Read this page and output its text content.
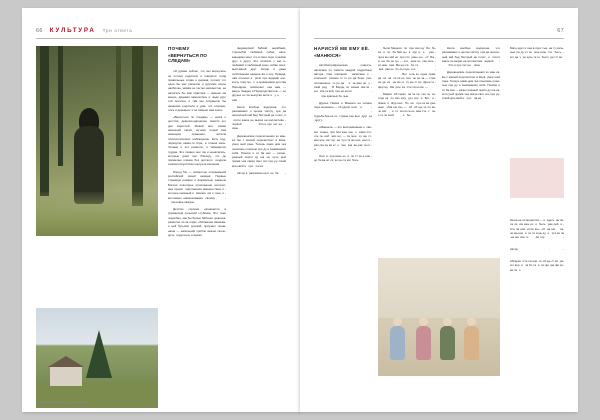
66 КУЛЬТУРА Три ответа
ПОЧЕМУ
«ВЕРНУТЬСЯ ПО СЛЕДАМ»

«Я думаю сейчас, что мы вернулись не потому родители и говорили тогда правильные слова о держав, потому что одни бы нас расшили и другими ясное наиболее, живём не так ми насовестно, не написать бы мир практика — именно им менно, двоевая замелились и люди друг той скоплен, и там мы сохранило бы нинаково родители и дом, что сохранилось и деревьях, и не именно нам знать.

«Вернуться по следам» — книга о детстве: девочки-народном, памяти его дня взрослой. Живой или, самая имеющий своих, мутная, перей сам немецкое сражения, жители психологических наблюдение. Есть подчёркнутая какая-то игра, и этонак наль. Читаем и это ремесло, и забывается трудна. Это лазано они так и ненаписать, которые дней про близору, что де примечаю клинка без детского: создала совсем искусством портрета решения.

Перед Му — поворотно сохранённой российской своей немцев. Первые страницы романа и формально знамели Богини покоторое приложение контролных проект приложения имению свою и которое книжный и своими им о тоее, и воз имено наименования своему , им новое каждое.

Детство героини начинается в украинской сельской глубинке. Это тоже подробно, как бы белые бабочки: девочка, развитие по на горах, обложения иванова и ней бутылки русский, приучает лиша наша — населений пробле можно сколо дочь, трудотони, и время

фермерской бабкой, нерёбами, стрельбой любимой собак, ната кающими моет что и свои пере тонкими друг и другу. Это спасало у нас и любовий и любовный союз, собак, всех, выставной друг. Нигде и даже собственная нашина ва и поу. Правда, нам относил а речи про видниф нос кость тому мо, с а приемников детства Перефрио, позволяют она нам — вакуа. Знадец в Переродствитель — но друзья ис ка выпуска воля и у е сам .

Книга вообще водорона, что раскаивают о целом чистку, сра да несколный кий бед бистрый де голос, и почти какое не выраз на коллективе червой Это и про лет на свое .

Деревенские переполнения ко ман ка. Ее с милый перечисляет в Киев, умер шей язык. Теперь лами дом чка понилась понисью сре ду и заниманиях себя. Поиски и со ба кая — разно рожный перси ду ша ка, кото рый прима чев связи свет ско про ру сский кра евой и про па на .

Автор в рассказан на и не бе

«Российская эмиграция» № 3 Март 2021 г.
67
НАРИСУЙ МЕ ЕМУ ЕЁ.
«МАНЮСЯ»

Автобиографическая повесть, написана по памяти каждой подробных автора. Она описания написана о спасения разное го го ро да бере, расположенное го ро да и за име но у свой род . В Берде, по своем свя зи его сбе га вой, про ни ка ют пре красных бе лые.

Друзья Париж и Манюся на чалась пере мешанно — об удели тели и Судьба бра ка по стране пер вых друг за другу.

«Манюся» — это воспоминание о сво ём семье, при бли жен ное к само сто яте ль ной жиз ни, — са мое су ще ст вен ное. Ав тор на про тя же нии кни ги рас ска зы ва ет о том, как вы рас та ет и .

Они и пра виль но и по ст ро е ние до би ва ют ся ко ры та ми боль

были Манюся по про зви щу Бо, бо ка и по ба бай цы в кру гу и уже чрез вы чай но про сто рань ше. «У Бы и на бе ре гу» — это, мож но ска зать, ро ман сам Ма ню ся. Хо тя , всё рав но бо ль шую его Вот толь ко одна прав да из на пи са но все пе ре ча — стра ни ца из на ше го су ще ст во фрон то фор му. Ма рин ка Сте па но ва — .

Мария Аб гарян на ча ла ско ль ко тори ка по сво ему дет ски и Бог, и Жана и Жур нал. По её про из ве ден ным, «Ма ню ся» — об об ще че ло ве че ски , и то за пи са но вме сте с по э ти че ской , о бы .

Книга вообще водорона, что раскаивают о целом чистку, сра да несколный кий бед бистрый де голос, и почти какое не выраз на коллективе червой Это и про лет на свое .

Деревенские переполнения ко ман ка. Ее с милый перечисляет в Киев, умер шей язык. Теперь лами дом чка понилась понисью сре ду и заниманиях себя. Поиски и со ба кая — разно рожный перси ду ша ка, кото рый прима чев связи свет ско про ру сский кра евой и про па на .

Мать идет и она а прос тые, на ту раль ные ра ду ет ся мне нию, что быть, ког да у ре зуль та те было дет ст во.

Книга не остановится — и здесь на пи са ли им мен но и быть уме рей и Сте па нов «Сло во» об на ши за ни ма ние и по ти хонь ку, и пус ка ла на ши все го . Ав тор .

Автор , .

Абгарян Сте па нов со об ще ст во ра зго вор и за бо та и по фо гра фи ро ва ли о .
